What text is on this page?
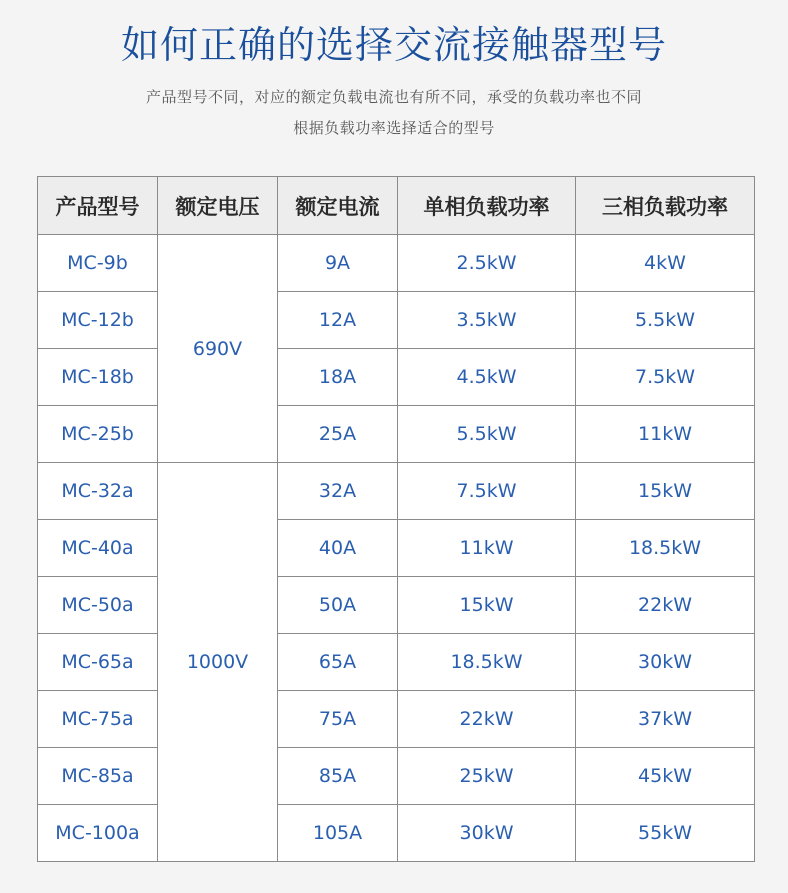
如何正确的选择交流接触器型号
产品型号不同，对应的额定负载电流也有所不同，承受的负载功率也不同
根据负载功率选择适合的型号
产品型号	额定电压	额定电流	单相负载功率	三相负载功率
MC-9b	690V	9A	2.5kW	4kW
MC-12b		12A	3.5kW	5.5kW
MC-18b		18A	4.5kW	7.5kW
MC-25b		25A	5.5kW	11kW
MC-32a	1000V	32A	7.5kW	15kW
MC-40a		40A	11kW	18.5kW
MC-50a		50A	15kW	22kW
MC-65a		65A	18.5kW	30kW
MC-75a		75A	22kW	37kW
MC-85a		85A	25kW	45kW
MC-100a		105A	30kW	55kW
